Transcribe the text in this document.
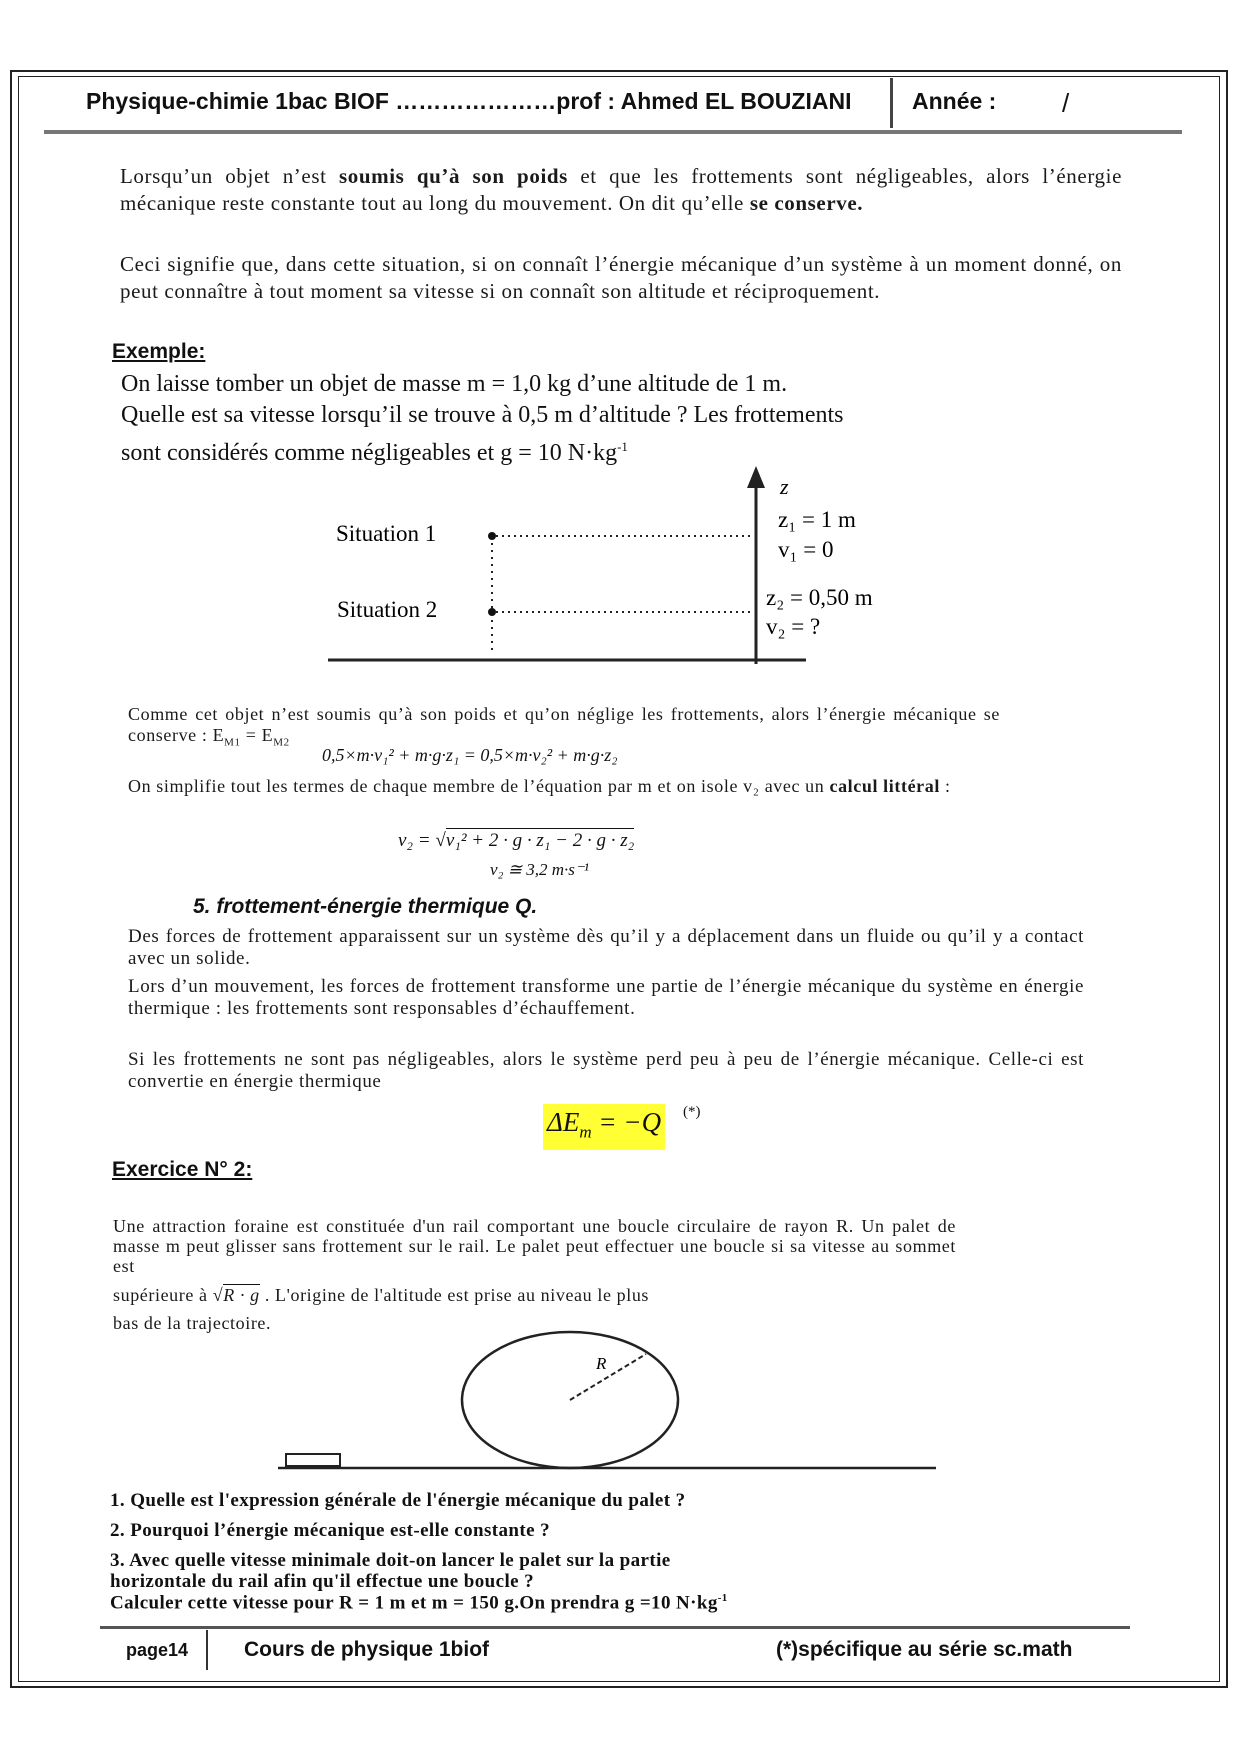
Physique-chimie 1bac BIOF …………………prof : Ahmed EL BOUZIANI	Année :	/
Lorsqu’un objet n’est soumis qu’à son poids et que les frottements sont négligeables, alors l’énergie mécanique reste constante tout au long du mouvement. On dit qu’elle se conserve.
Ceci signifie que, dans cette situation, si on connaît l’énergie mécanique d’un système à un moment donné, on peut connaître à tout moment sa vitesse si on connaît son altitude et réciproquement.
Exemple:
On laisse tomber un objet de masse m = 1,0 kg d’une altitude de 1 m.
Quelle est sa vitesse lorsqu’il se trouve à 0,5 m d’altitude ? Les frottements
sont considérés comme négligeables et g = 10 $N\cdot kg^{-1}$
z
Situation 1
Situation 2
z₁ = 1 m
v₁ = 0
z₂ = 0,50 m
v₂ = ?
Comme cet objet n’est soumis qu’à son poids et qu’on néglige les frottements, alors l’énergie mécanique se conserve : $E_{M1} = E_{M2}$
0,5×m·v₁² + m·g·z₁ = 0,5×m·v₂² + m·g·z₂
On simplifie tout les termes de chaque membre de l’équation par m et on isole v₂ avec un calcul littéral :
v₂ = √v₁² + 2 · g · z₁ − 2 · g · z₂
v₂ ≅ 3,2 m·s⁻¹
5. frottement-énergie thermique Q.
Des forces de frottement apparaissent sur un système dès qu’il y a déplacement dans un fluide ou qu’il y a contact avec un solide.
Lors d’un mouvement, les forces de frottement transforme une partie de l’énergie mécanique du système en énergie thermique : les frottements sont responsables d’échauffement.
Si les frottements ne sont pas négligeables, alors le système perd peu à peu de l’énergie mécanique. Celle-ci est convertie en énergie thermique
$\Delta E_m = -Q$ (*)
Exercice N° 2:
Une attraction foraine est constituée d'un rail comportant une boucle circulaire de rayon R. Un palet de masse m peut glisser sans frottement sur le rail. Le palet peut effectuer une boucle si sa vitesse au sommet est
supérieure à √R · g . L'origine de l'altitude est prise au niveau le plus
bas de la trajectoire.
R
1. Quelle est l'expression générale de l'énergie mécanique du palet ?
2. Pourquoi l’énergie mécanique est-elle constante ?
3. Avec quelle vitesse minimale doit-on lancer le palet sur la partie
horizontale du rail afin qu'il effectue une boucle ?
Calculer cette vitesse pour R = 1 m et m = 150 g.On prendra g =10 $N\cdot kg^{-1}$
page14	Cours de physique 1biof	(*)spécifique au série sc.math
